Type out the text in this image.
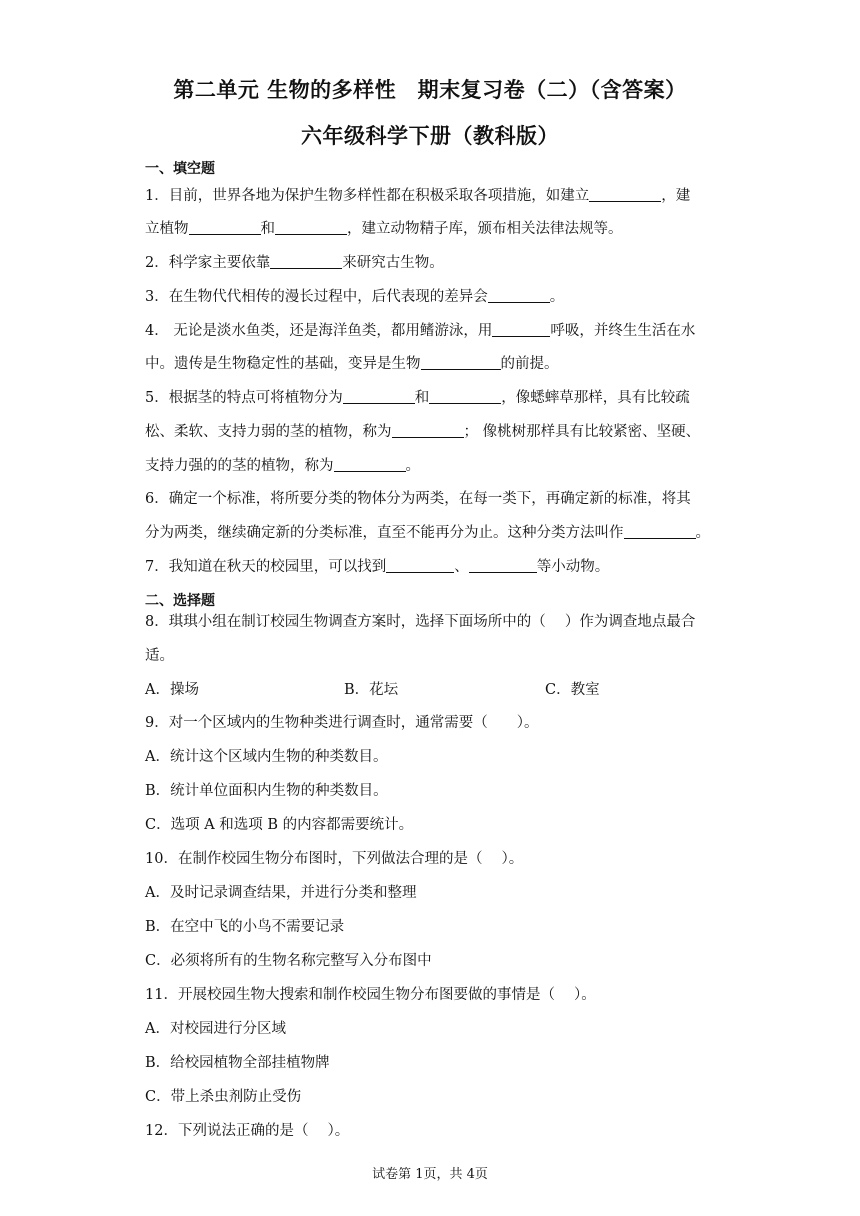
第二单元 生物的多样性　期末复习卷（二）（含答案）
六年级科学下册（教科版）
一、填空题
1．目前，世界各地为保护生物多样性都在积极采取各项措施，如建立	，建
立植物	和	，建立动物精子库，颁布相关法律法规等。
2．科学家主要依靠	来研究古生物。
3．在生物代代相传的漫长过程中，后代表现的差异会	。
4． 无论是淡水鱼类，还是海洋鱼类，都用鳍游泳，用	呼吸，并终生生活在水
中。遗传是生物稳定性的基础，变异是生物	的前提。
5．根据茎的特点可将植物分为	和	，像蟋蟀草那样，具有比较疏
松、柔软、支持力弱的茎的植物，称为	； 像桃树那样具有比较紧密、坚硬、
支持力强的的茎的植物，称为	。
6．确定一个标准，将所要分类的物体分为两类，在每一类下，再确定新的标准，将其
分为两类，继续确定新的分类标准，直至不能再分为止。这种分类方法叫作	。
7．我知道在秋天的校园里，可以找到	、	等小动物。
二、选择题
8．琪琪小组在制订校园生物调查方案时，选择下面场所中的（　 ）作为调查地点最合
适。
A．操场	B．花坛	C．教室
9．对一个区域内的生物种类进行调查时，通常需要（　　）。
A．统计这个区域内生物的种类数目。
B．统计单位面积内生物的种类数目。
C．选项 A 和选项 B 的内容都需要统计。
10．在制作校园生物分布图时，下列做法合理的是（　 ）。
A．及时记录调查结果，并进行分类和整理
B．在空中飞的小鸟不需要记录
C．必须将所有的生物名称完整写入分布图中
11．开展校园生物大搜索和制作校园生物分布图要做的事情是（　 ）。
A．对校园进行分区域
B．给校园植物全部挂植物牌
C．带上杀虫剂防止受伤
12．下列说法正确的是（　 ）。
试卷第 1页，共 4页
